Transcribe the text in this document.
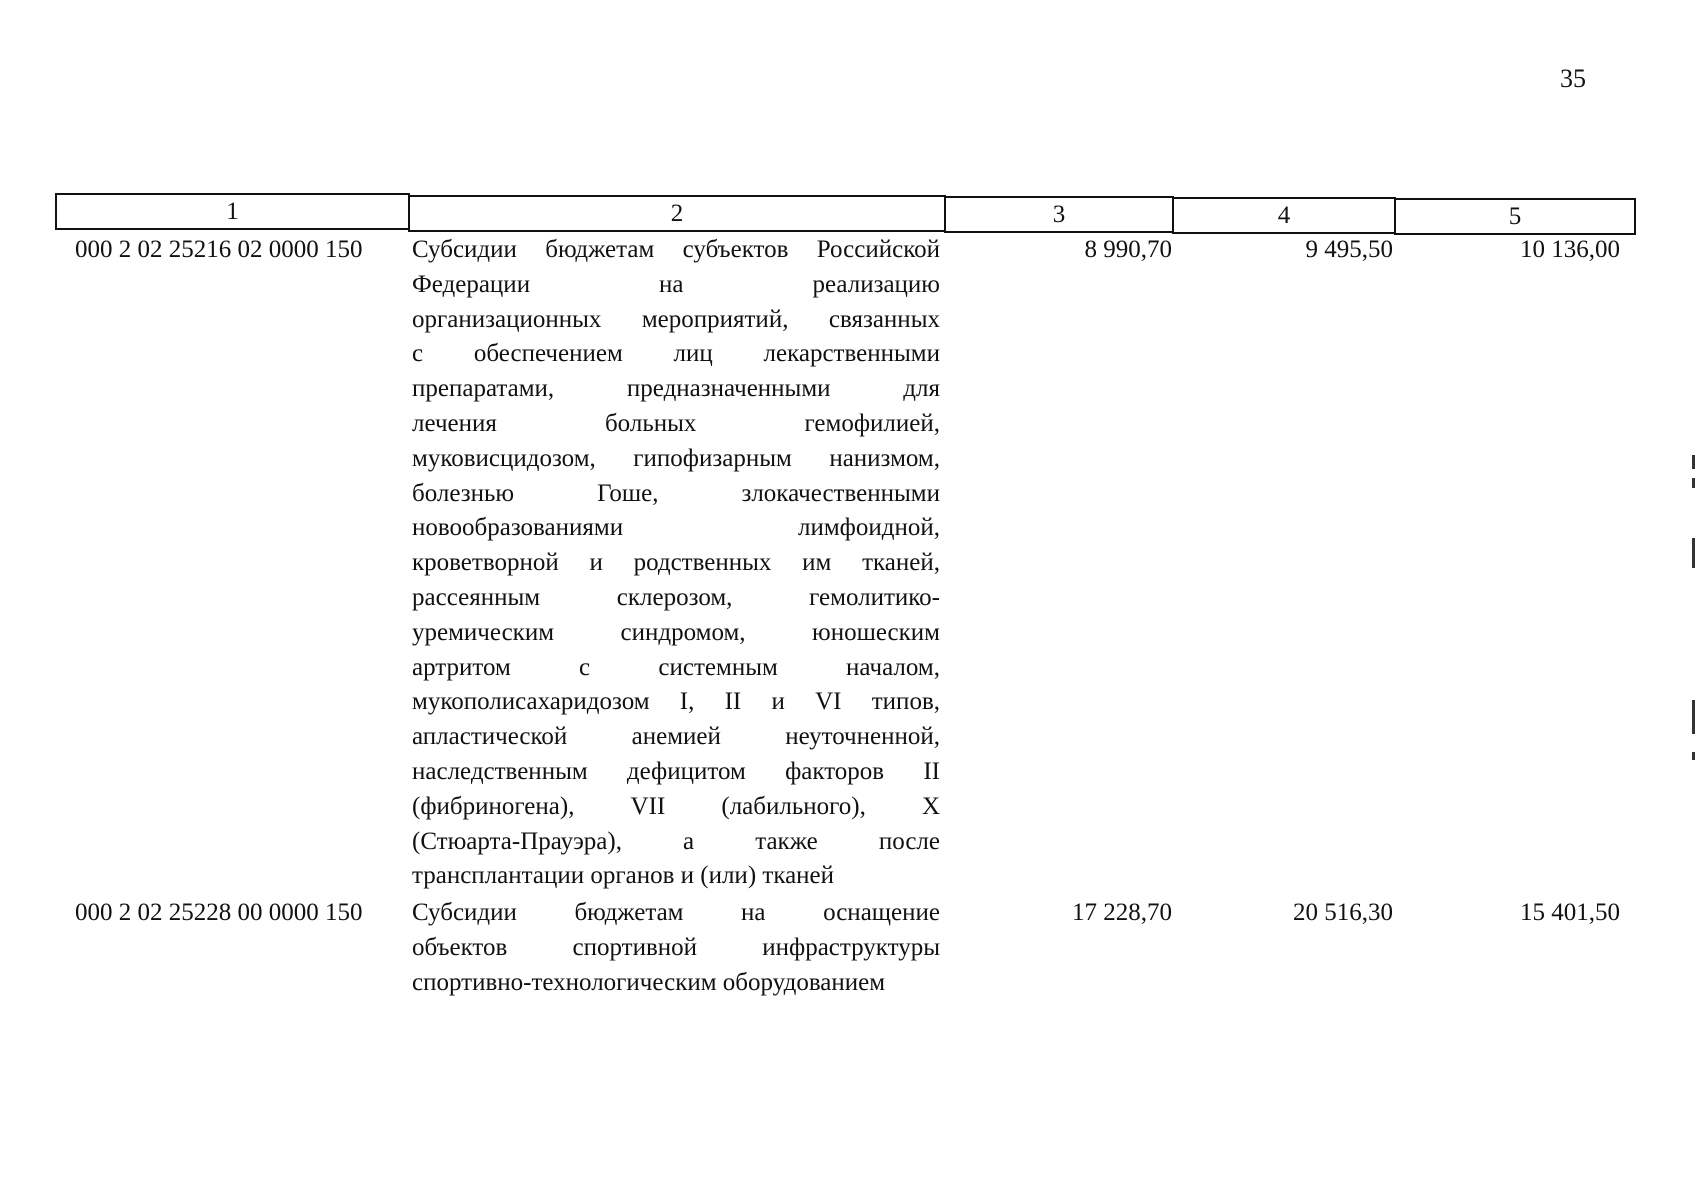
35
1	2	3	4	5
000 2 02 25216 02 0000 150	Субсидии бюджетам субъектов Российской
Федерации на реализацию
организационных мероприятий, связанных
с обеспечением лиц лекарственными
препаратами, предназначенными для
лечения больных гемофилией,
муковисцидозом, гипофизарным нанизмом,
болезнью Гоше, злокачественными
новообразованиями лимфоидной,
кроветворной и родственных им тканей,
рассеянным склерозом, гемолитико-
уремическим синдромом, юношеским
артритом с системным началом,
мукополисахаридозом I, II и VI типов,
апластической анемией неуточненной,
наследственным дефицитом факторов II
(фибриногена), VII (лабильного), X
(Стюарта-Прауэра), а также после
трансплантации органов и (или) тканей
8 990,70	9 495,50	10 136,00
000 2 02 25228 00 0000 150	Субсидии бюджетам на оснащение
объектов спортивной инфраструктуры
спортивно-технологическим оборудованием
17 228,70	20 516,30	15 401,50
